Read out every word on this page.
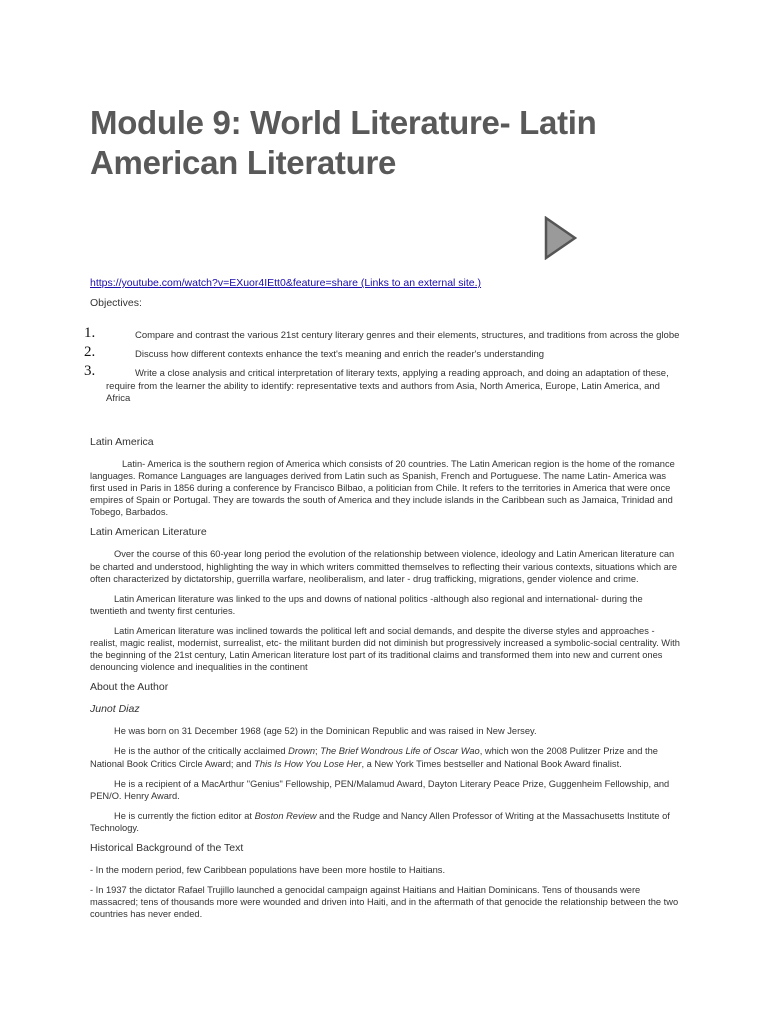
Module 9: World Literature- Latin American Literature
https://youtube.com/watch?v=EXuor4IEtt0&feature=share (Links to an external site.)
Objectives:
1.	Compare and contrast the various 21st century literary genres and their elements, structures, and traditions from across the globe
2.	Discuss how different contexts enhance the text's meaning and enrich the reader's understanding
3.	Write a close analysis and critical interpretation of literary texts, applying a reading approach, and doing an adaptation of these, require from the learner the ability to identify: representative texts and authors from Asia, North America, Europe, Latin America, and Africa
Latin America

Latin- America is the southern region of America which consists of 20 countries. The Latin American region is the home of the romance languages. Romance Languages are languages derived from Latin such as Spanish, French and Portuguese. The name Latin- America was first used in Paris in 1856 during a conference by Francisco Bilbao, a politician from Chile. It refers to the territories in America that were once empires of Spain or Portugal. They are towards the south of America and they include islands in the Caribbean such as Jamaica, Trinidad and Tobego, Barbados.

Latin American Literature

Over the course of this 60-year long period the evolution of the relationship between violence, ideology and Latin American literature can be charted and understood, highlighting the way in which writers committed themselves to reflecting their various contexts, situations which are often characterized by dictatorship, guerrilla warfare, neoliberalism, and later - drug trafficking, migrations, gender violence and crime.

Latin American literature was linked to the ups and downs of national politics -although also regional and international- during the twentieth and twenty first centuries.

Latin American literature was inclined towards the political left and social demands, and despite the diverse styles and approaches -realist, magic realist, modernist, surrealist, etc- the militant burden did not diminish but progressively increased a symbolic-social centrality. With the beginning of the 21st century, Latin American literature lost part of its traditional claims and transformed them into new and current ones denouncing violence and inequalities in the continent

About the Author
Junot Diaz

He was born on 31 December 1968 (age 52) in the Dominican Republic and was raised in New Jersey.

He is the author of the critically acclaimed Drown; The Brief Wondrous Life of Oscar Wao, which won the 2008 Pulitzer Prize and the National Book Critics Circle Award; and This Is How You Lose Her, a New York Times bestseller and National Book Award finalist.

He is a recipient of a MacArthur "Genius" Fellowship, PEN/Malamud Award, Dayton Literary Peace Prize, Guggenheim Fellowship, and PEN/O. Henry Award.

He is currently the fiction editor at Boston Review and the Rudge and Nancy Allen Professor of Writing at the Massachusetts Institute of Technology.

Historical Background of the Text

- In the modern period, few Caribbean populations have been more hostile to Haitians.

- In 1937 the dictator Rafael Trujillo launched a genocidal campaign against Haitians and Haitian Dominicans. Tens of thousands were massacred; tens of thousands more were wounded and driven into Haiti, and in the aftermath of that genocide the relationship between the two countries has never ended.
